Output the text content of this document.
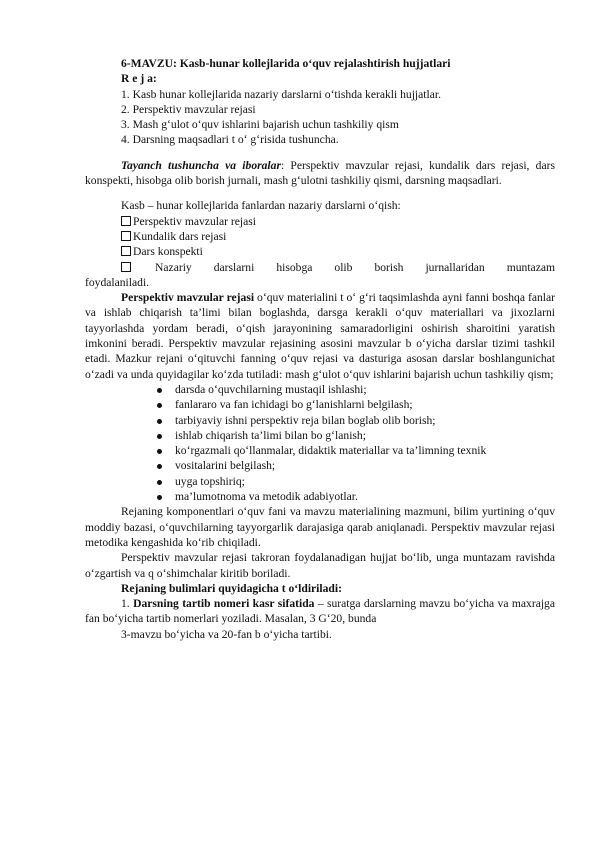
6-MAVZU: Kasb-hunar kollejlarida o‘quv rejalashtirish hujjatlari

R e j a:

1. Kasb hunar kollejlarida nazariy darslarni o‘tishda kerakli hujjatlar.

2. Perspektiv mavzular rejasi

3. Mash g‘ulot o‘quv ishlarini bajarish uchun tashkiliy qism

4. Darsning maqsadlari t o‘ g‘risida tushuncha.

Tayanch tushuncha va iboralar: Perspektiv mavzular rejasi, kundalik dars rejasi, dars konspekti, hisobga olib borish jurnali, mash g‘ulotni tashkiliy qismi, darsning maqsadlari.

Kasb – hunar kollejlarida fanlardan nazariy darslarni o‘qish:

Perspektiv mavzular rejasi

Kundalik dars rejasi

Dars konspekti

Nazariy darslarni hisobga olib borish jurnallaridan muntazam

foydalaniladi.

Perspektiv mavzular rejasi o‘quv materialini t o‘ g‘ri taqsimlashda ayni fanni boshqa fanlar va ishlab chiqarish ta’limi bilan boglashda, darsga kerakli o‘quv materiallari va jixozlarni tayyorlashda yordam beradi, o‘qish jarayonining samaradorligini oshirish sharoitini yaratish imkonini beradi. Perspektiv mavzular rejasining asosini mavzular b o‘yicha darslar tizimi tashkil etadi. Mazkur rejani o‘qituvchi fanning o‘quv rejasi va dasturiga asosan darslar boshlangunichat o‘zadi va unda quyidagilar ko‘zda tutiladi: mash g‘ulot o‘quv ishlarini bajarish uchun tashkiliy qism;

darsda o‘quvchilarning mustaqil ishlashi;
fanlararo va fan ichidagi bo g‘lanishlarni belgilash;
tarbiyaviy ishni perspektiv reja bilan boglab olib borish;
ishlab chiqarish ta’limi bilan bo g‘lanish;
ko‘rgazmali qo‘llanmalar, didaktik materiallar va ta’limning texnik
vositalarini belgilash;
uyga topshiriq;
ma’lumotnoma va metodik adabiyotlar.

Rejaning komponentlari o‘quv fani va mavzu materialining mazmuni, bilim yurtining o‘quv moddiy bazasi, o‘quvchilarning tayyorgarlik darajasiga qarab aniqlanadi. Perspektiv mavzular rejasi metodika kengashida ko‘rib chiqiladi.

Perspektiv mavzular rejasi takroran foydalanadigan hujjat bo‘lib, unga muntazam ravishda o‘zgartish va q o‘shimchalar kiritib boriladi.

Rejaning bulimlari quyidagicha t o‘ldiriladi:

1. Darsning tartib nomeri kasr sifatida – suratga darslarning mavzu bo‘yicha va maxrajga fan bo‘yicha tartib nomerlari yoziladi. Masalan, 3 G‘20, bunda

3-mavzu bo‘yicha va 20-fan b o‘yicha tartibi.
